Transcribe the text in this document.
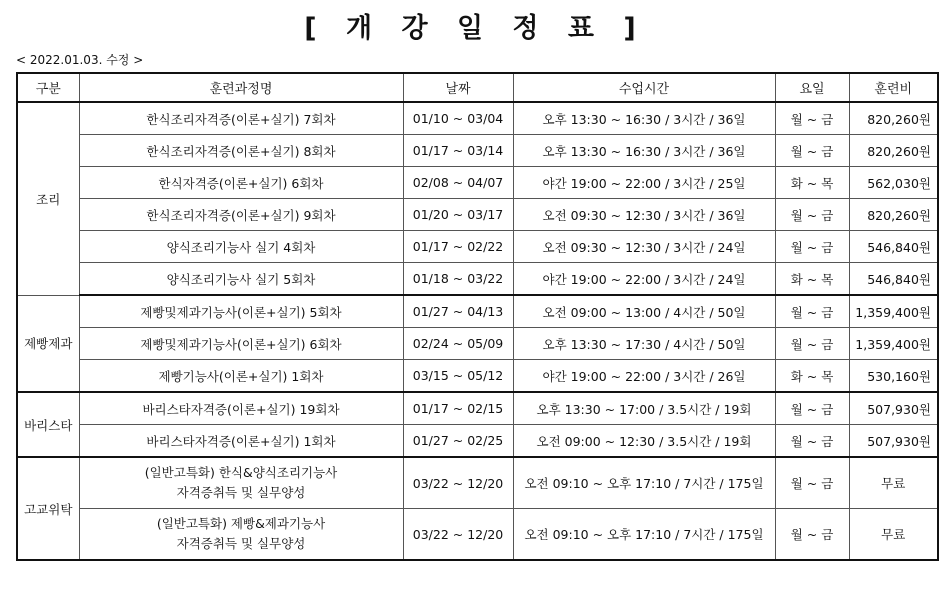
[ 개 강 일 정 표 ]
< 2022.01.03. 수정 >
구분	훈련과정명	날짜	수업시간	요일	훈련비
조리	한식조리자격증(이론+실기) 7회차	01/10 ~ 03/04	오후 13:30 ~ 16:30 / 3시간 / 36일	월 ~ 금	820,260원
	한식조리자격증(이론+실기) 8회차	01/17 ~ 03/14	오후 13:30 ~ 16:30 / 3시간 / 36일	월 ~ 금	820,260원
	한식자격증(이론+실기) 6회차	02/08 ~ 04/07	야간 19:00 ~ 22:00 / 3시간 / 25일	화 ~ 목	562,030원
	한식조리자격증(이론+실기) 9회차	01/20 ~ 03/17	오전 09:30 ~ 12:30 / 3시간 / 36일	월 ~ 금	820,260원
	양식조리기능사 실기 4회차	01/17 ~ 02/22	오전 09:30 ~ 12:30 / 3시간 / 24일	월 ~ 금	546,840원
	양식조리기능사 실기 5회차	01/18 ~ 03/22	야간 19:00 ~ 22:00 / 3시간 / 24일	화 ~ 목	546,840원
제빵제과	제빵및제과기능사(이론+실기) 5회차	01/27 ~ 04/13	오전 09:00 ~ 13:00 / 4시간 / 50일	월 ~ 금	1,359,400원
	제빵및제과기능사(이론+실기) 6회차	02/24 ~ 05/09	오후 13:30 ~ 17:30 / 4시간 / 50일	월 ~ 금	1,359,400원
	제빵기능사(이론+실기) 1회차	03/15 ~ 05/12	야간 19:00 ~ 22:00 / 3시간 / 26일	화 ~ 목	530,160원
바리스타	바리스타자격증(이론+실기) 19회차	01/17 ~ 02/15	오후 13:30 ~ 17:00 / 3.5시간 / 19회	월 ~ 금	507,930원
	바리스타자격증(이론+실기) 1회차	01/27 ~ 02/25	오전 09:00 ~ 12:30 / 3.5시간 / 19회	월 ~ 금	507,930원
고교위탁	(일반고특화) 한식&양식조리기능사
자격증취득 및 실무양성	03/22 ~ 12/20	오전 09:10 ~ 오후 17:10 / 7시간 / 175일	월 ~ 금	무료

	(일반고특화) 제빵&제과기능사
자격증취득 및 실무양성	03/22 ~ 12/20	오전 09:10 ~ 오후 17:10 / 7시간 / 175일	월 ~ 금	무료
